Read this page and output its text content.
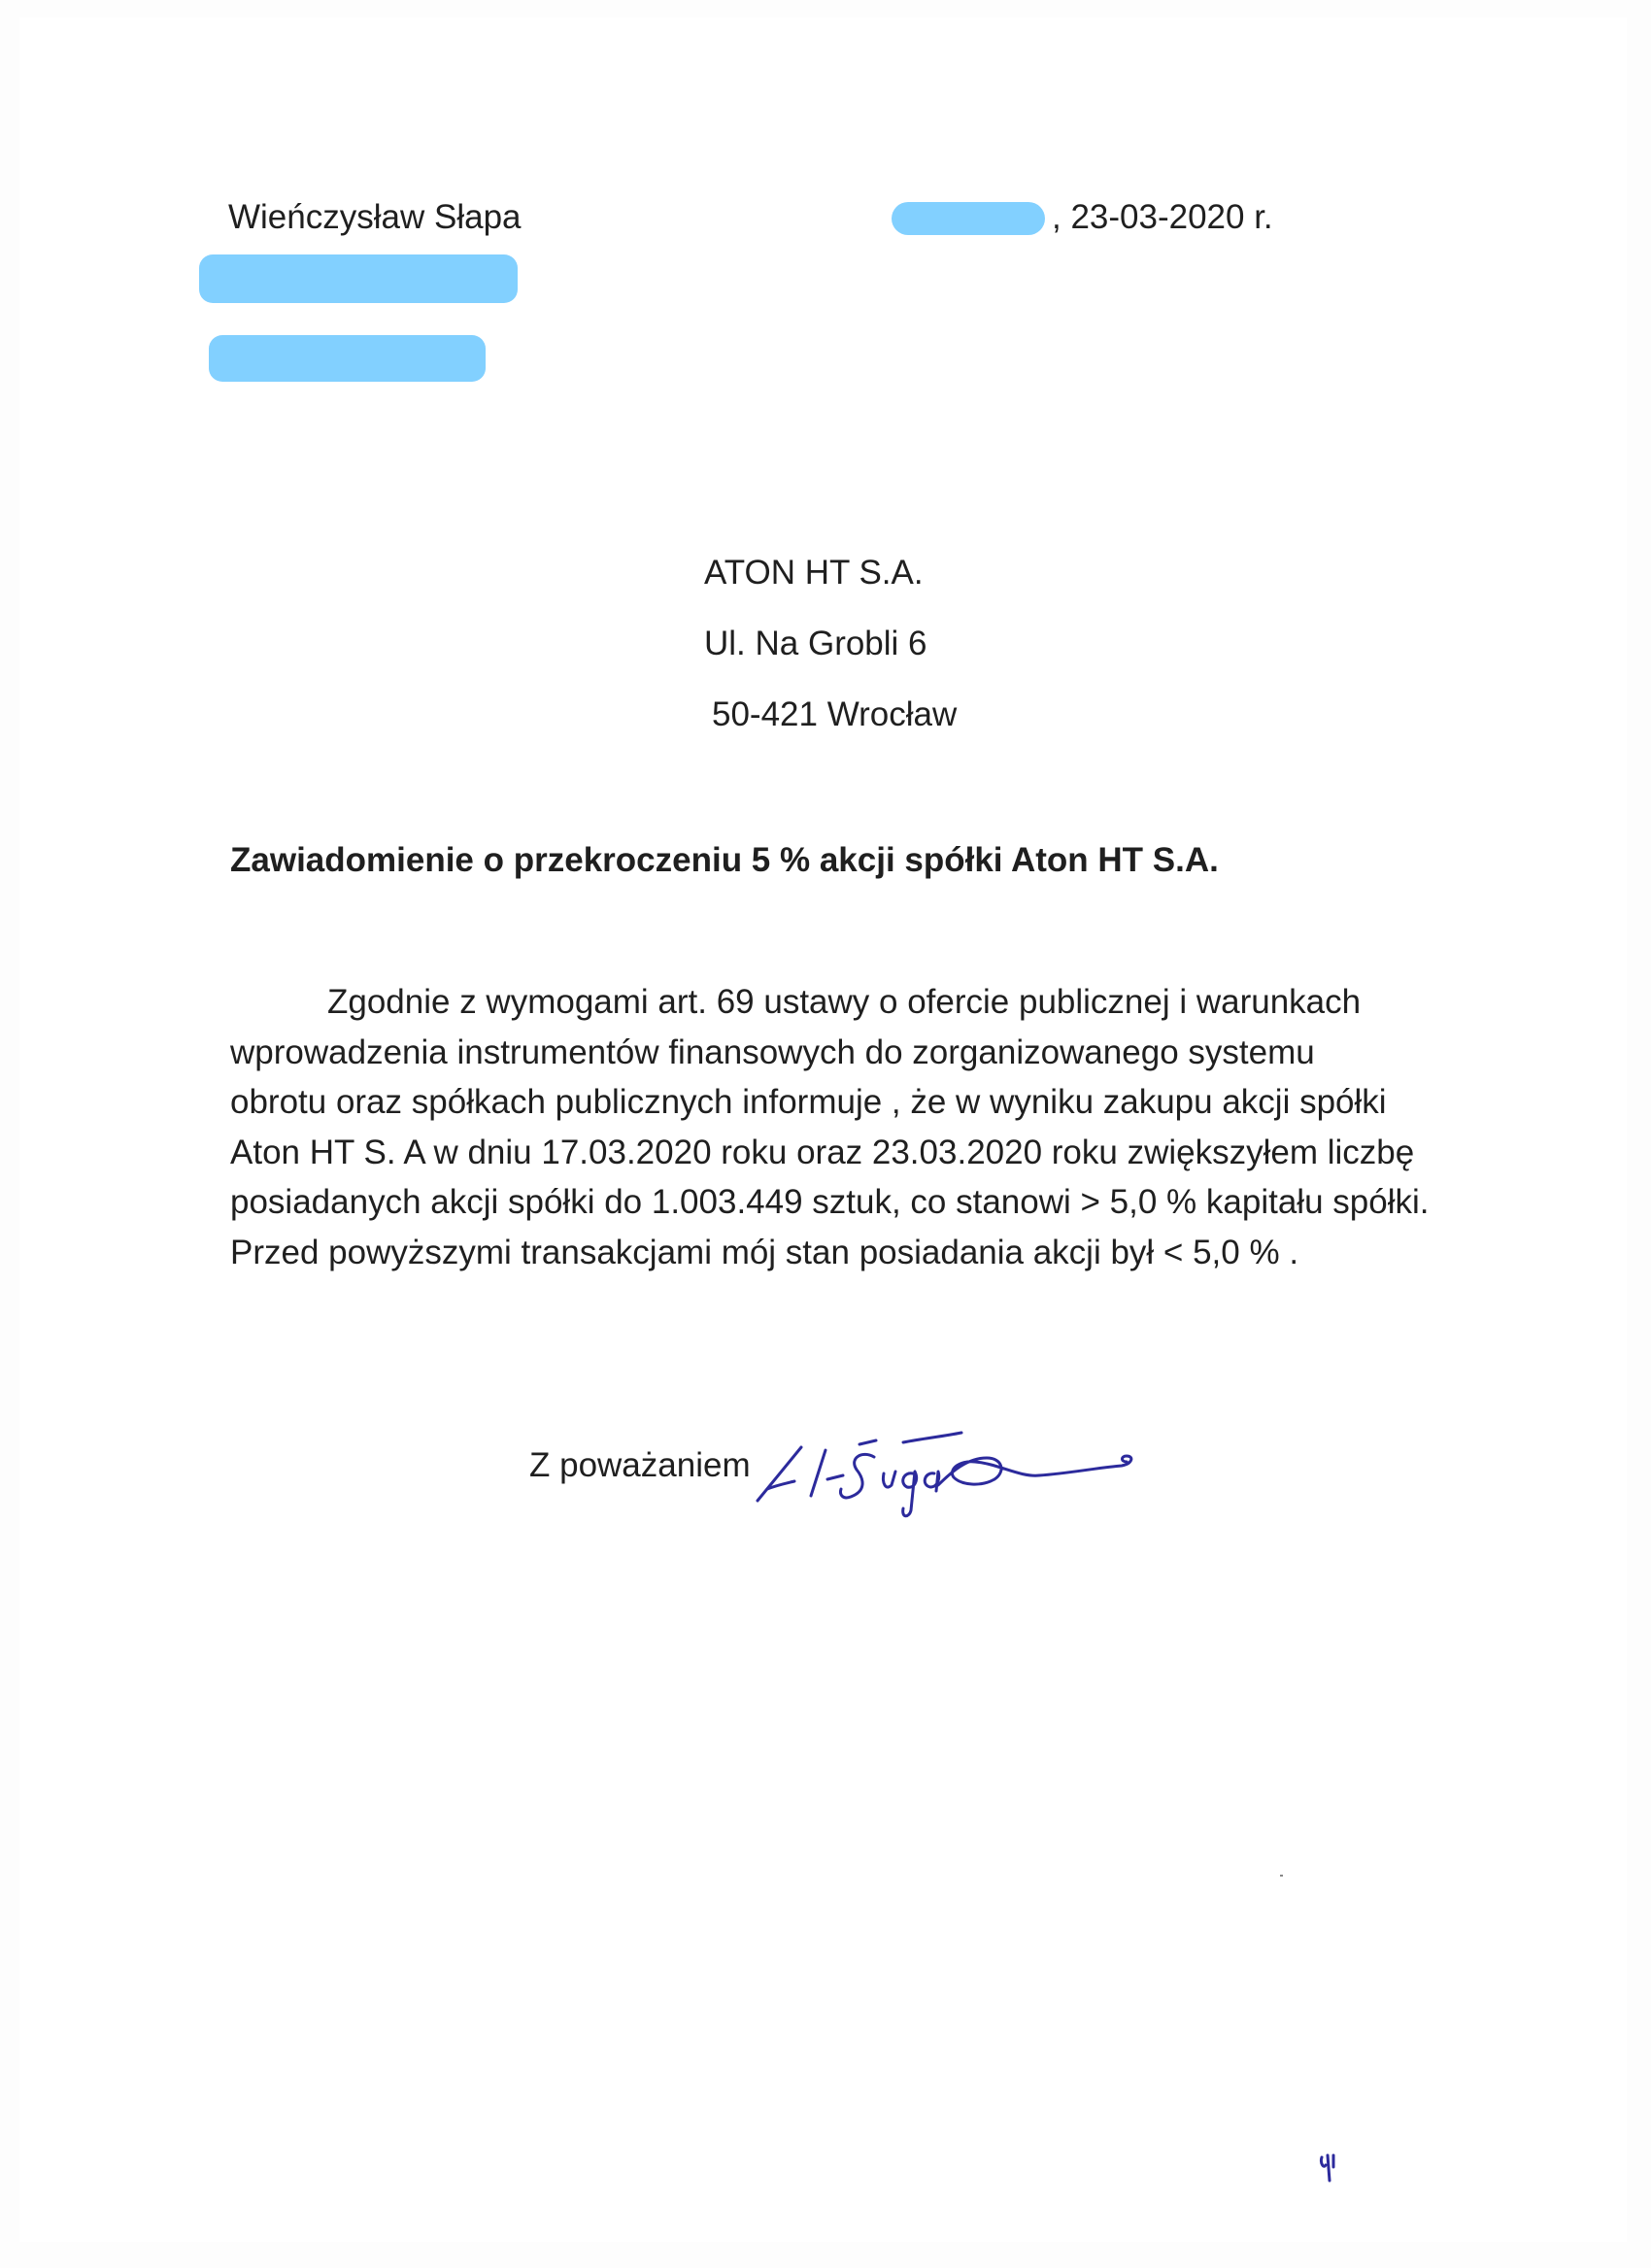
Wieńczysław Słapa	, 23-03-2020 r.
ATON HT S.A.
Ul. Na Grobli 6
50-421 Wrocław
Zawiadomienie o przekroczeniu 5 % akcji spółki Aton HT S.A.
Zgodnie z wymogami art. 69 ustawy o ofercie publicznej i warunkach
wprowadzenia instrumentów finansowych do zorganizowanego systemu
obrotu oraz spółkach publicznych informuje , że w wyniku zakupu akcji spółki
Aton HT S. A w dniu 17.03.2020 roku oraz 23.03.2020 roku zwiększyłem liczbę
posiadanych akcji spółki do 1.003.449 sztuk, co stanowi > 5,0 % kapitału spółki.
Przed powyższymi transakcjami mój stan posiadania akcji był < 5,0 % .
Z poważaniem
